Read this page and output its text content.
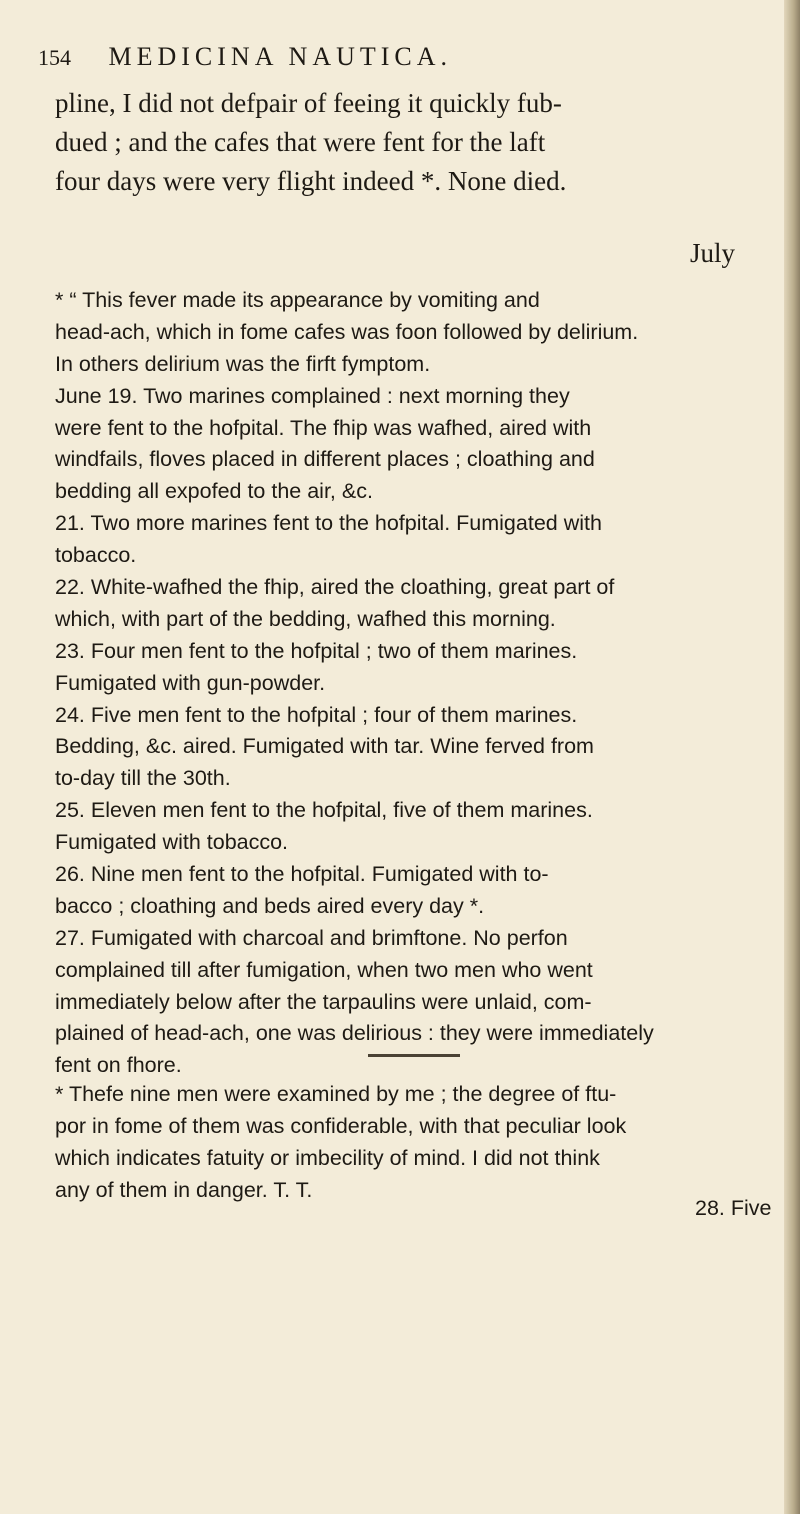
154 MEDICINA NAUTICA.
pline, I did not defpair of feeing it quickly fub-
dued ; and the cafes that were fent for the laft
four days were very flight indeed *. None died.
July
* “ This fever made its appearance by vomiting and
head-ach, which in fome cafes was foon followed by delirium.
In others delirium was the firft fymptom.
June 19. Two marines complained : next morning they
were fent to the hofpital. The fhip was wafhed, aired with
windfails, floves placed in different places ; cloathing and
bedding all expofed to the air, &c.
21. Two more marines fent to the hofpital. Fumigated with
tobacco.
22. White-wafhed the fhip, aired the cloathing, great part of
which, with part of the bedding, wafhed this morning.
23. Four men fent to the hofpital ; two of them marines.
Fumigated with gun-powder.
24. Five men fent to the hofpital ; four of them marines.
Bedding, &c. aired. Fumigated with tar. Wine ferved from
to-day till the 30th.
25. Eleven men fent to the hofpital, five of them marines.
Fumigated with tobacco.
26. Nine men fent to the hofpital. Fumigated with to-
bacco ; cloathing and beds aired every day *.
27. Fumigated with charcoal and brimftone. No perfon
complained till after fumigation, when two men who went
immediately below after the tarpaulins were unlaid, com-
plained of head-ach, one was delirious : they were immediately
fent on fhore.
* Thefe nine men were examined by me ; the degree of ftu-
por in fome of them was confiderable, with that peculiar look
which indicates fatuity or imbecility of mind. I did not think
any of them in danger. T. T.
28. Five
